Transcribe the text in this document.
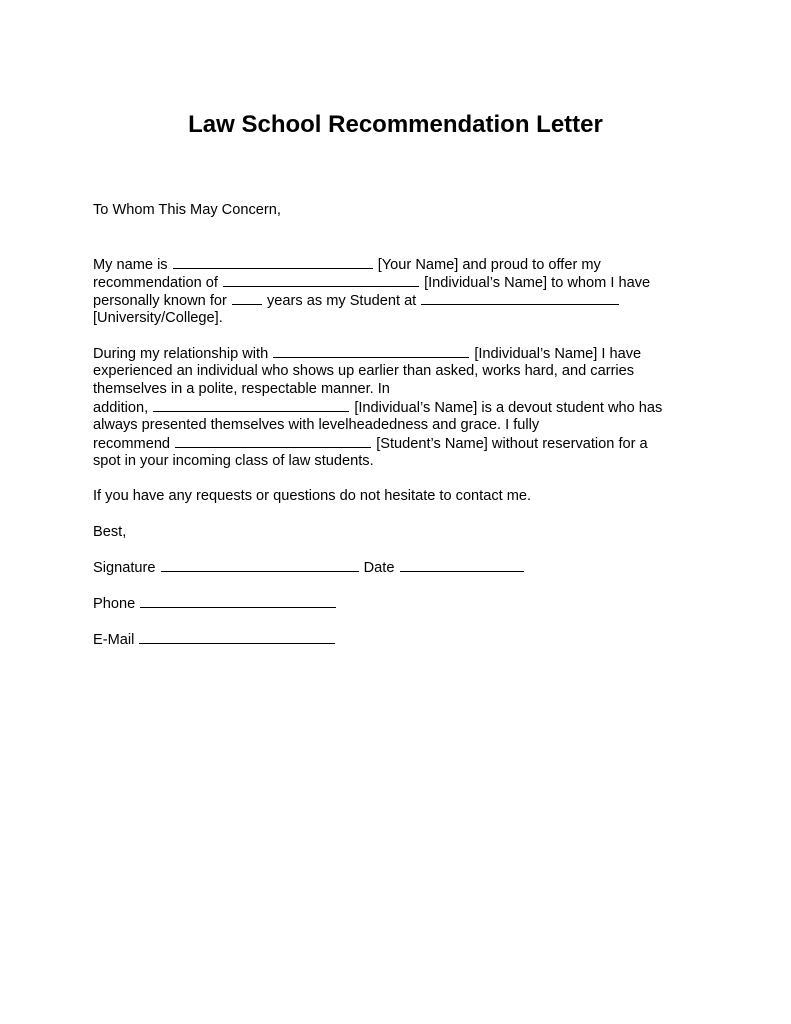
Law School Recommendation Letter
To Whom This May Concern,
My name is	[Your Name] and proud to offer my
recommendation of	[Individual’s Name] to whom I have
personally known for	years as my Student at
[University/College].
During my relationship with	[Individual’s Name] I have
experienced an individual who shows up earlier than asked, works hard, and carries
themselves in a polite, respectable manner. In
addition,	[Individual’s Name] is a devout student who has
always presented themselves with levelheadedness and grace. I fully
recommend	[Student’s Name] without reservation for a
spot in your incoming class of law students.
If you have any requests or questions do not hesitate to contact me.
Best,
Signature	Date
Phone
E-Mail
